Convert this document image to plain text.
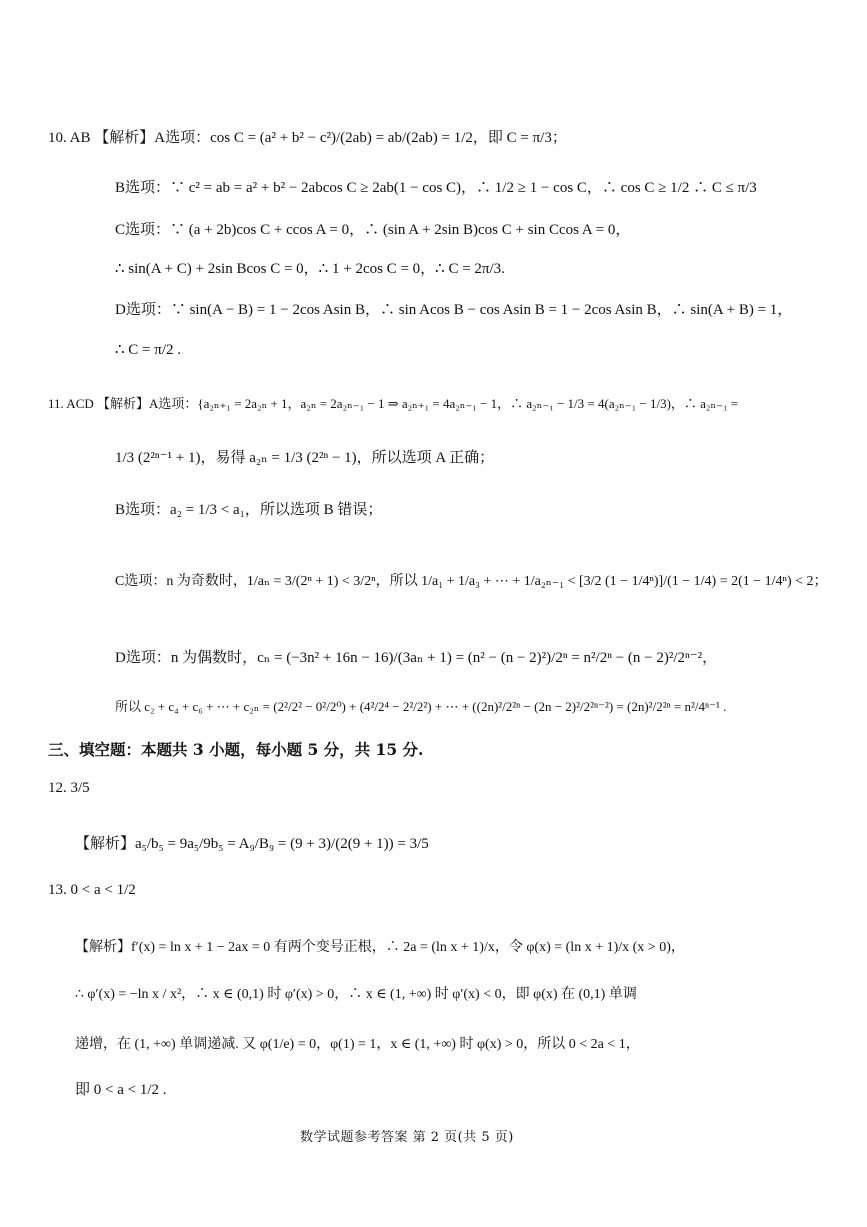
10. AB 【解析】A选项：cos C = (a² + b² − c²)/(2ab) = ab/(2ab) = 1/2，即 C = π/3；
B选项：∵ c² = ab = a² + b² − 2abcos C ≥ 2ab(1 − cos C)，∴ 1/2 ≥ 1 − cos C，∴ cos C ≥ 1/2 ∴ C ≤ π/3
C选项：∵ (a + 2b)cos C + ccos A = 0，∴ (sin A + 2sin B)cos C + sin Ccos A = 0，
∴ sin(A + C) + 2sin Bcos C = 0，∴ 1 + 2cos C = 0，∴ C = 2π/3.
D选项：∵ sin(A − B) = 1 − 2cos Asin B，∴ sin Acos B − cos Asin B = 1 − 2cos Asin B，∴ sin(A + B) = 1，
∴ C = π/2 .
11. ACD 【解析】A选项：{a₂ₙ₊₁ = 2a₂ₙ + 1，a₂ₙ = 2a₂ₙ₋₁ − 1 ⇒ a₂ₙ₊₁ = 4a₂ₙ₋₁ − 1，∴ a₂ₙ₋₁ − 1/3 = 4(a₂ₙ₋₁ − 1/3)，∴ a₂ₙ₋₁ =
1/3 (2²ⁿ⁻¹ + 1)，易得 a₂ₙ = 1/3 (2²ⁿ − 1)，所以选项 A 正确；
B选项：a₂ = 1/3 < a₁，所以选项 B 错误；
C选项：n 为奇数时，1/aₙ = 3/(2ⁿ + 1) < 3/2ⁿ，所以 1/a₁ + 1/a₃ + ⋯ + 1/a₂ₙ₋₁ < [3/2 (1 − 1/4ⁿ)]/(1 − 1/4) = 2(1 − 1/4ⁿ) < 2；
D选项：n 为偶数时，cₙ = (−3n² + 16n − 16)/(3aₙ + 1) = (n² − (n − 2)²)/2ⁿ = n²/2ⁿ − (n − 2)²/2ⁿ⁻²，
所以 c₂ + c₄ + c₆ + ⋯ + c₂ₙ = (2²/2² − 0²/2⁰) + (4²/2⁴ − 2²/2²) + ⋯ + ((2n)²/2²ⁿ − (2n − 2)²/2²ⁿ⁻²) = (2n)²/2²ⁿ = n²/4ⁿ⁻¹ .
三、填空题：本题共 3 小题，每小题 5 分，共 15 分.
12. 3/5
【解析】a₅/b₅ = 9a₅/9b₅ = A₉/B₉ = (9 + 3)/(2(9 + 1)) = 3/5
13. 0 < a < 1/2
【解析】f′(x) = ln x + 1 − 2ax = 0 有两个变号正根，∴ 2a = (ln x + 1)/x，令 φ(x) = (ln x + 1)/x (x > 0)，
∴ φ′(x) = −ln x / x²，∴ x ∈ (0,1) 时 φ′(x) > 0，∴ x ∈ (1, +∞) 时 φ′(x) < 0，即 φ(x) 在 (0,1) 单调
递增，在 (1, +∞) 单调递减. 又 φ(1/e) = 0，φ(1) = 1，x ∈ (1, +∞) 时 φ(x) > 0，所以 0 < 2a < 1，
即 0 < a < 1/2 .
数学试题参考答案 第 2 页(共 5 页)
